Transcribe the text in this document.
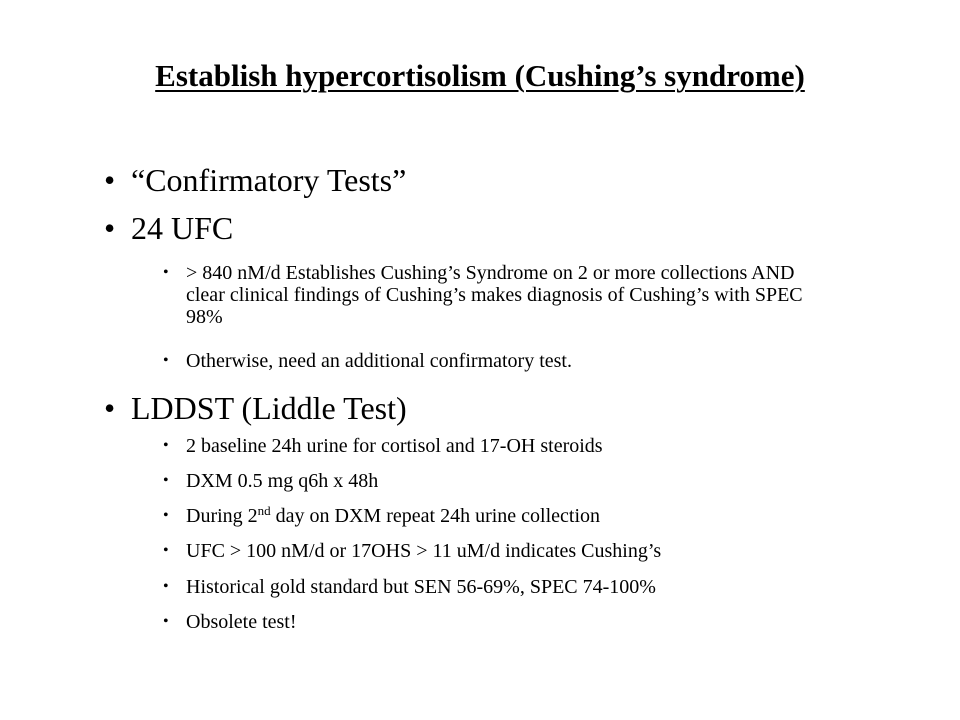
Establish hypercortisolism (Cushing’s syndrome)
• “Confirmatory Tests”
• 24 UFC
• > 840 nM/d Establishes Cushing’s Syndrome on 2 or more collections AND clear clinical findings of Cushing’s makes diagnosis of Cushing’s with SPEC 98%
• Otherwise, need an additional confirmatory test.
• LDDST (Liddle Test)
• 2 baseline 24h urine for cortisol and 17-OH steroids
• DXM 0.5 mg q6h x 48h
• During 2nd day on DXM repeat 24h urine collection
• UFC > 100 nM/d or 17OHS > 11 uM/d indicates Cushing’s
• Historical gold standard but SEN 56-69%, SPEC 74-100%
• Obsolete test!
